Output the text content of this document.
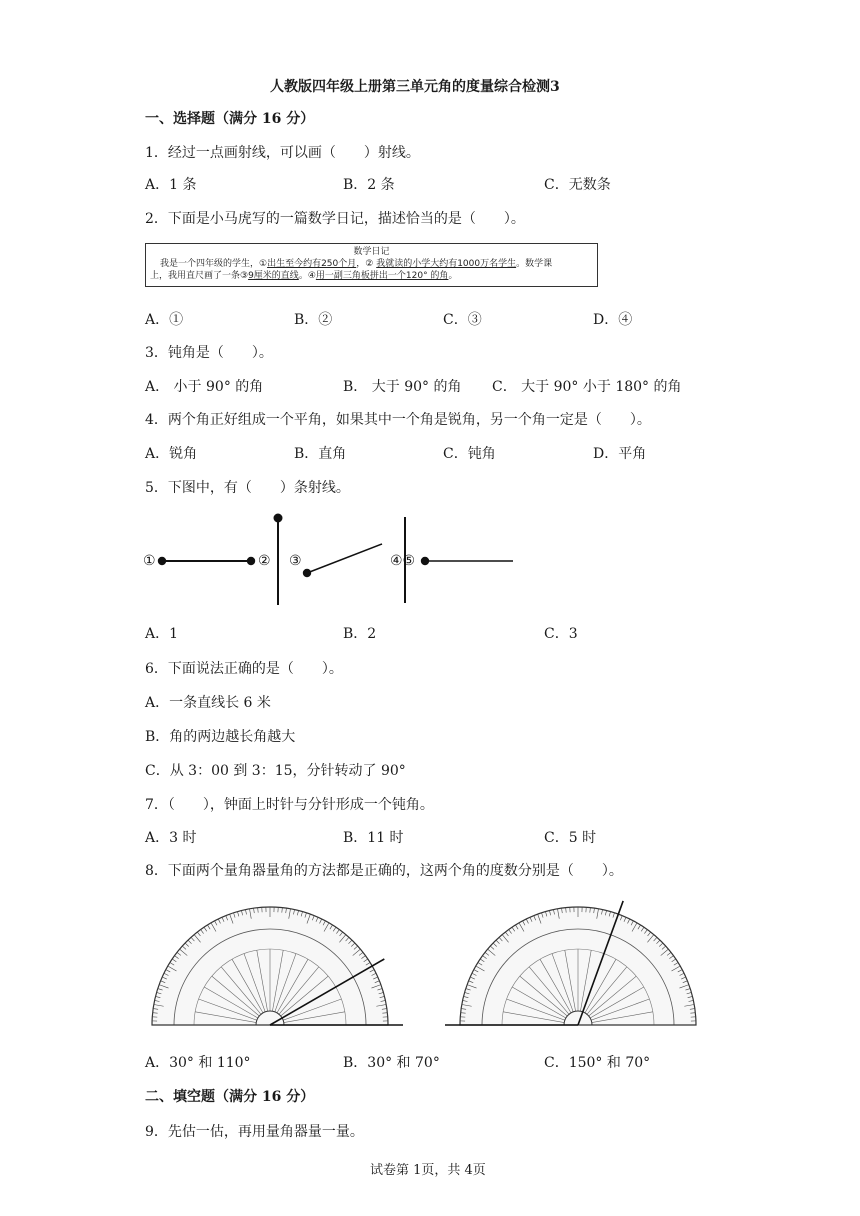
人教版四年级上册第三单元角的度量综合检测3
一、选择题（满分 16 分）
1．经过一点画射线，可以画（　　）射线。
A．1 条	B．2 条	C．无数条
2．下面是小马虎写的一篇数学日记，描述恰当的是（　　）。
数学日记
我是一个四年级的学生，①出生至今约有250个月，② 我就读的小学大约有1000万名学生。数学课
上，我用直尺画了一条③9厘米的直线。④用一副三角板拼出一个120° 的角。
A．①	B．②	C．③	D．④
3．钝角是（　　）。
A． 小于 90° 的角	B． 大于 90° 的角 C． 大于 90° 小于 180° 的角
4．两个角正好组成一个平角，如果其中一个角是锐角，另一个角一定是（　　）。
A．锐角	B．直角	C．钝角	D．平角
5．下图中，有（　　）条射线。
①	② ③	④⑤
A．1	B．2	C．3
6．下面说法正确的是（　　）。
A．一条直线长 6 米
B．角的两边越长角越大
C．从 3：00 到 3：15，分针转动了 90°
7．（　　），钟面上时针与分针形成一个钝角。
A．3 时	B．11 时	C．5 时
8．下面两个量角器量角的方法都是正确的，这两个角的度数分别是（　　）。
A．30° 和 110°	B．30° 和 70°	C．150° 和 70°
二、填空题（满分 16 分）
9．先估一估，再用量角器量一量。
试卷第 1页，共 4页
